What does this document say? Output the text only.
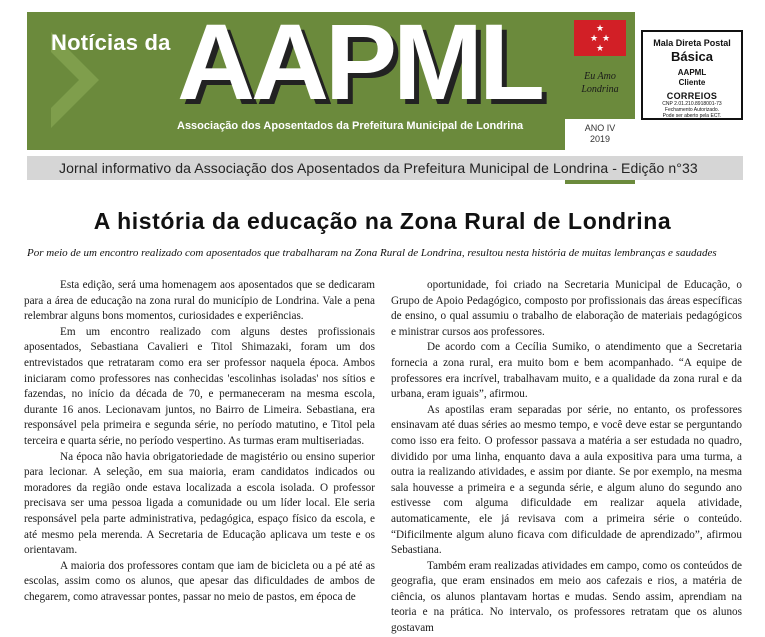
Notícias da AAPML
Associação dos Aposentados da Prefeitura Municipal de Londrina
★
★ ★
★
Eu Amo
Londrina
ANO IV
2019
Mala Direta Postal
Básica
AAPML
Cliente
CORREIOS
CNP 2.01.210.8918001-73
Fechamento Autorizado.
Pode ser aberto pela ECT.
Jornal informativo da Associação dos Aposentados da Prefeitura Municipal de Londrina - Edição n°33
A história da educação na Zona Rural de Londrina
Por meio de um encontro realizado com aposentados que trabalharam na Zona Rural de Londrina, resultou nesta história de muitas lembranças e saudades

Esta edição, será uma homenagem aos aposentados que se dedicaram para a área de educação na zona rural do município de Londrina. Vale a pena relembrar alguns bons momentos, curiosidades e experiências.

Em um encontro realizado com alguns destes profissionais aposentados, Sebastiana Cavalieri e Titol Shimazaki, foram um dos entrevistados que retrataram como era ser professor naquela época. Ambos iniciaram como professores nas conhecidas 'escolinhas isoladas' nos sítios e fazendas, no início da década de 70, e permaneceram na mesma escola, durante 16 anos. Lecionavam juntos, no Bairro de Limeira. Sebastiana, era responsável pela primeira e segunda série, no período matutino, e Titol pela terceira e quarta série, no período vespertino. As turmas eram multiseriadas.

Na época não havia obrigatoriedade de magistério ou ensino superior para lecionar. A seleção, em sua maioria, eram candidatos indicados ou moradores da região onde estava localizada a escola isolada. O professor precisava ser uma pessoa ligada a comunidade ou um líder local. Ele seria responsável pela parte administrativa, pedagógica, espaço físico da escola, e até mesmo pela merenda. A Secretaria de Educação aplicava um teste e os orientavam.

A maioria dos professores contam que iam de bicicleta ou a pé até as escolas, assim como os alunos, que apesar das dificuldades de ambos de chegarem, como atravessar pontes, passar no meio de pastos, em época de

oportunidade, foi criado na Secretaria Municipal de Educação, o Grupo de Apoio Pedagógico, composto por profissionais das áreas específicas de ensino, o qual assumiu o trabalho de elaboração de materiais pedagógicos e ministrar cursos aos professores.

De acordo com a Cecília Sumiko, o atendimento que a Secretaria fornecia a zona rural, era muito bom e bem acompanhado. “A equipe de professores era incrível, trabalhavam muito, e a qualidade da zona rural e da urbana, eram iguais”, afirmou.

As apostilas eram separadas por série, no entanto, os professores ensinavam até duas séries ao mesmo tempo, e você deve estar se perguntando como isso era feito. O professor passava a matéria a ser estudada no quadro, dividido por uma linha, enquanto dava a aula expositiva para uma turma, a outra ia realizando atividades, e assim por diante. Se por exemplo, na mesma sala houvesse a primeira e a segunda série, e algum aluno do segundo ano estivesse com alguma dificuldade em realizar aquela atividade, automaticamente, ele já revisava com a primeira série o conteúdo. “Dificilmente algum aluno ficava com dificuldade de aprendizado”, afirmou Sebastiana.

Também eram realizadas atividades em campo, como os conteúdos de geografia, que eram ensinados em meio aos cafezais e rios, a matéria de ciência, os alunos plantavam hortas e mudas. Sendo assim, aprendiam na teoria e na prática. No intervalo, os professores retratam que os alunos gostavam
